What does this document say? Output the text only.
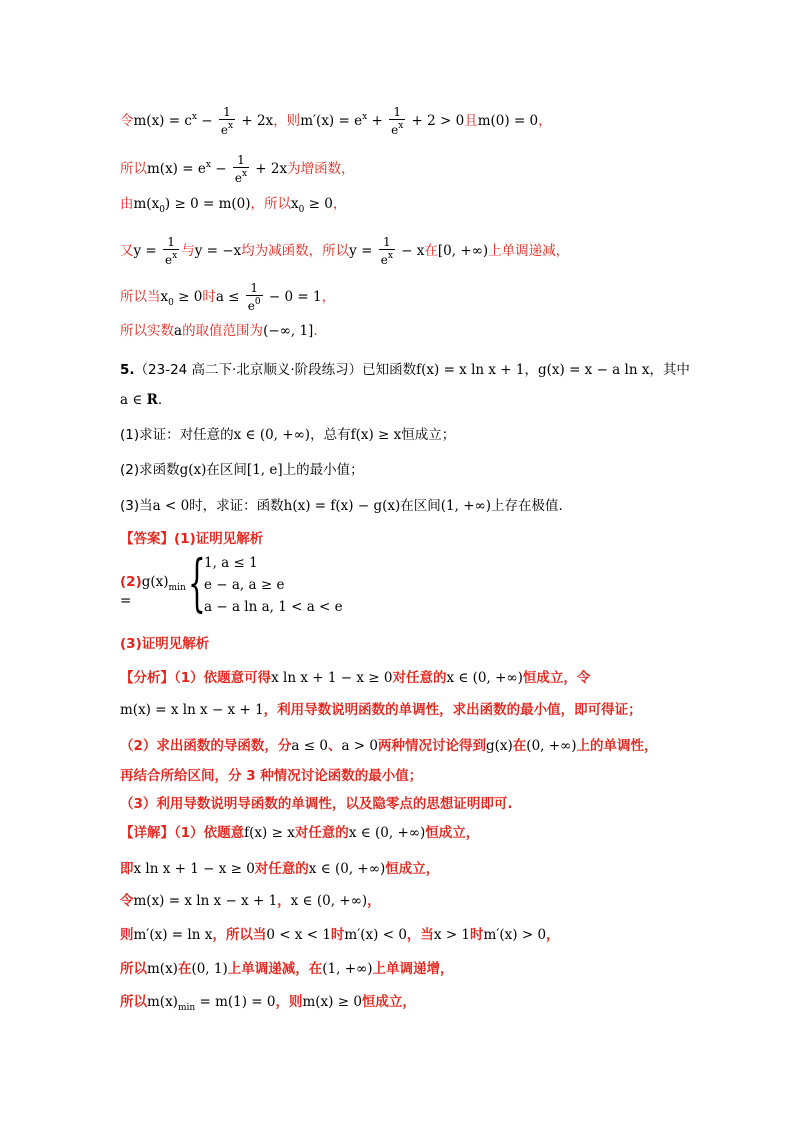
令$m(x) = c^x - \frac{1}{e^x} + 2x$，则$m'(x) = e^x + \frac{1}{e^x} + 2 > 0$且m(0) = 0，
所以$m(x) = e^x - \frac{1}{e^x} + 2x$为增函数，
由$m(x_0) \ge 0 = m(0)$，所以$x_0 \ge 0$，
又$y = \frac{1}{e^x}$ 与y = −x均为减函数，所以$y = \frac{1}{e^x} - x$在[0, +∞)上单调递减，
所以当$x_0 \ge 0$时$a \le \frac{1}{e^0} - 0 = 1$，
所以实数a的取值范围为(−∞, 1].
5.（23-24 高二下·北京顺义·阶段练习）已知函数f(x) = x ln x + 1，g(x) = x − a ln x，其中
a ∈ R.
(1)求证：对任意的x ∈ (0, +∞)，总有f(x) ≥ x恒成立；
(2)求函数g(x)在区间[1, e]上的最小值；
(3)当a < 0时，求证：函数h(x) = f(x) − g(x)在区间(1, +∞)上存在极值.
【答案】(1)证明见解析
$(2)g(x)_{min}$ = {
1, a ≤ 1
e − a, a ≥ e
a − a ln a, 1 < a < e
(3)证明见解析
【分析】（1）依题意可得x ln x + 1 − x ≥ 0对任意的x ∈ (0, +∞)恒成立，令
m(x) = x ln x − x + 1，利用导数说明函数的单调性，求出函数的最小值，即可得证；
（2）求出函数的导函数，分a ≤ 0、a > 0两种情况讨论得到g(x)在(0, +∞)上的单调性，
再结合所给区间，分 3 种情况讨论函数的最小值；
（3）利用导数说明导函数的单调性，以及隐零点的思想证明即可.
【详解】（1）依题意f(x) ≥ x对任意的x ∈ (0, +∞)恒成立，
即x ln x + 1 − x ≥ 0对任意的x ∈ (0, +∞)恒成立，
令m(x) = x ln x − x + 1，x ∈ (0, +∞)，
则m′(x) = ln x，所以当0 < x < 1时m′(x) < 0，当x > 1时m′(x) > 0，
所以m(x)在(0, 1)上单调递减，在(1, +∞)上单调递增，
所以$m(x)_{min} = m(1) = 0$，则m(x) ≥ 0恒成立，
